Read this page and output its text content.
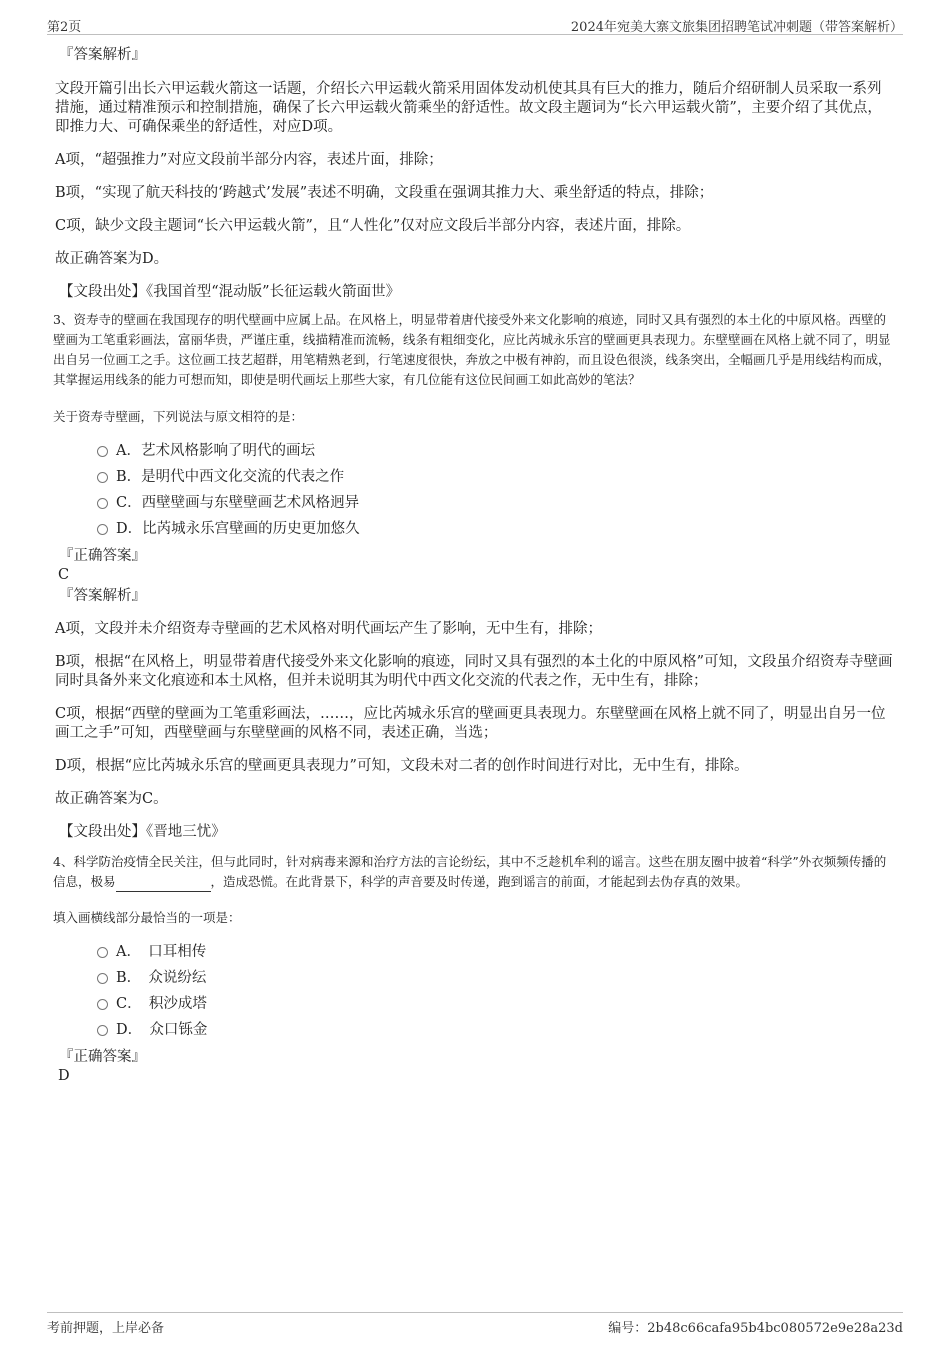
第2页	2024年宛美大寨文旅集团招聘笔试冲刺题（带答案解析）
『答案解析』
文段开篇引出长六甲运载火箭这一话题，介绍长六甲运载火箭采用固体发动机使其具有巨大的推力，随后介绍研制人员采取一系列措施，通过精准预示和控制措施，确保了长六甲运载火箭乘坐的舒适性。故文段主题词为“长六甲运载火箭”，主要介绍了其优点，即推力大、可确保乘坐的舒适性，对应D项。
A项，“超强推力”对应文段前半部分内容，表述片面，排除；
B项，“实现了航天科技的‘跨越式’发展”表述不明确，文段重在强调其推力大、乘坐舒适的特点，排除；
C项，缺少文段主题词“长六甲运载火箭”，且“人性化”仅对应文段后半部分内容，表述片面，排除。
故正确答案为D。
【文段出处】《我国首型“混动版”长征运载火箭面世》
3、资寿寺的壁画在我国现存的明代壁画中应属上品。在风格上，明显带着唐代接受外来文化影响的痕迹，同时又具有强烈的本土化的中原风格。西壁的壁画为工笔重彩画法，富丽华贵，严谨庄重，线描精准而流畅，线条有粗细变化，应比芮城永乐宫的壁画更具表现力。东壁壁画在风格上就不同了，明显出自另一位画工之手。这位画工技艺超群，用笔精熟老到，行笔速度很快，奔放之中极有神韵，而且设色很淡，线条突出，全幅画几乎是用线结构而成，其掌握运用线条的能力可想而知，即使是明代画坛上那些大家，有几位能有这位民间画工如此高妙的笔法？
关于资寿寺壁画，下列说法与原文相符的是：
A．艺术风格影响了明代的画坛
B．是明代中西文化交流的代表之作
C．西壁壁画与东壁壁画艺术风格迥异
D．比芮城永乐宫壁画的历史更加悠久
『正确答案』
C
『答案解析』
A项，文段并未介绍资寿寺壁画的艺术风格对明代画坛产生了影响，无中生有，排除；
B项，根据“在风格上，明显带着唐代接受外来文化影响的痕迹，同时又具有强烈的本土化的中原风格”可知，文段虽介绍资寿寺壁画同时具备外来文化痕迹和本土风格，但并未说明其为明代中西文化交流的代表之作，无中生有，排除；
C项，根据“西壁的壁画为工笔重彩画法，……，应比芮城永乐宫的壁画更具表现力。东壁壁画在风格上就不同了，明显出自另一位画工之手”可知，西壁壁画与东壁壁画的风格不同，表述正确，当选；
D项，根据“应比芮城永乐宫的壁画更具表现力”可知，文段未对二者的创作时间进行对比，无中生有，排除。
故正确答案为C。
【文段出处】《晋地三忧》
4、科学防治疫情全民关注，但与此同时，针对病毒来源和治疗方法的言论纷纭，其中不乏趁机牟利的谣言。这些在朋友圈中披着“科学”外衣频频传播的信息，极易	，造成恐慌。在此背景下，科学的声音要及时传递，跑到谣言的前面，才能起到去伪存真的效果。
填入画横线部分最恰当的一项是：
A．　口耳相传
B．　众说纷纭
C．　积沙成塔
D．　众口铄金
『正确答案』
D
考前押题，上岸必备	编号：2b48c66cafa95b4bc080572e9e28a23d
